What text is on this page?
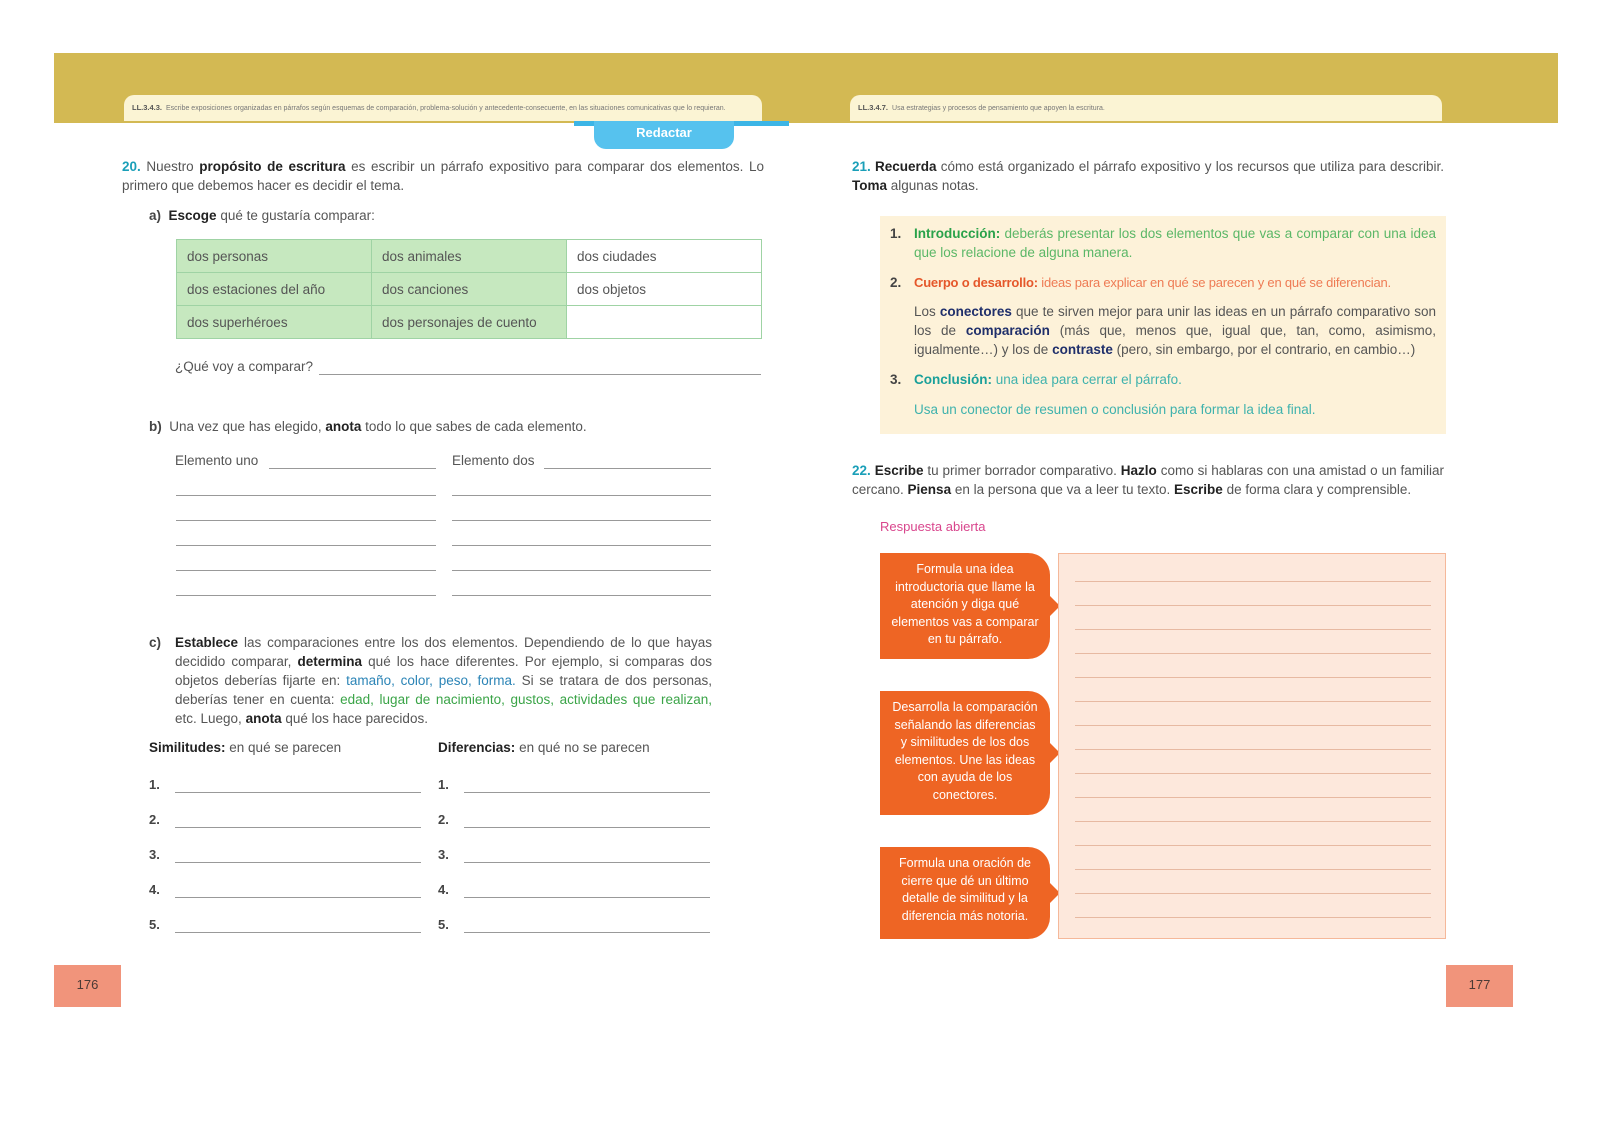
LL.3.4.3. Escribe exposiciones organizadas en párrafos según esquemas de comparación, problema-solución y antecedente-consecuente, en las situaciones comunicativas que lo requieran.	LL.3.4.7. Usa estrategias y procesos de pensamiento que apoyen la escritura.
Redactar
20. Nuestro propósito de escritura es escribir un párrafo expositivo para comparar dos elementos. Lo primero que debemos hacer es decidir el tema.
a) Escoge qué te gustaría comparar:
dos personas	dos animales	dos ciudades
dos estaciones del año	dos canciones	dos objetos
dos superhéroes	dos personajes de cuento	
¿Qué voy a comparar?
b) Una vez que has elegido, anota todo lo que sabes de cada elemento.
Elemento uno	Elemento dos
c) Establece las comparaciones entre los dos elementos. Dependiendo de lo que hayas decidido comparar, determina qué los hace diferentes. Por ejemplo, si comparas dos objetos deberías fijarte en: tamaño, color, peso, forma. Si se tratara de dos personas, deberías tener en cuenta: edad, lugar de nacimiento, gustos, actividades que realizan, etc. Luego, anota qué los hace parecidos.
Similitudes: en qué se parecen	Diferencias: en qué no se parecen
1.	1.
2.	2.
3.	3.
4.	4.
5.	5.
176
21. Recuerda cómo está organizado el párrafo expositivo y los recursos que utiliza para describir. Toma algunas notas.
1. Introducción: deberás presentar los dos elementos que vas a comparar con una idea que los relacione de alguna manera.
2. Cuerpo o desarrollo: ideas para explicar en qué se parecen y en qué se diferencian.
Los conectores que te sirven mejor para unir las ideas en un párrafo comparativo son los de comparación (más que, menos que, igual que, tan, como, asimismo, igualmente…) y los de contraste (pero, sin embargo, por el contrario, en cambio…)
3. Conclusión: una idea para cerrar el párrafo.
Usa un conector de resumen o conclusión para formar la idea final.
22. Escribe tu primer borrador comparativo. Hazlo como si hablaras con una amistad o un familiar cercano. Piensa en la persona que va a leer tu texto. Escribe de forma clara y comprensible.
Respuesta abierta
Formula una idea introductoria que llame la atención y diga qué elementos vas a comparar en tu párrafo.
Desarrolla la comparación señalando las diferencias y similitudes de los dos elementos. Une las ideas con ayuda de los conectores.
Formula una oración de cierre que dé un último detalle de similitud y la diferencia más notoria.
177
